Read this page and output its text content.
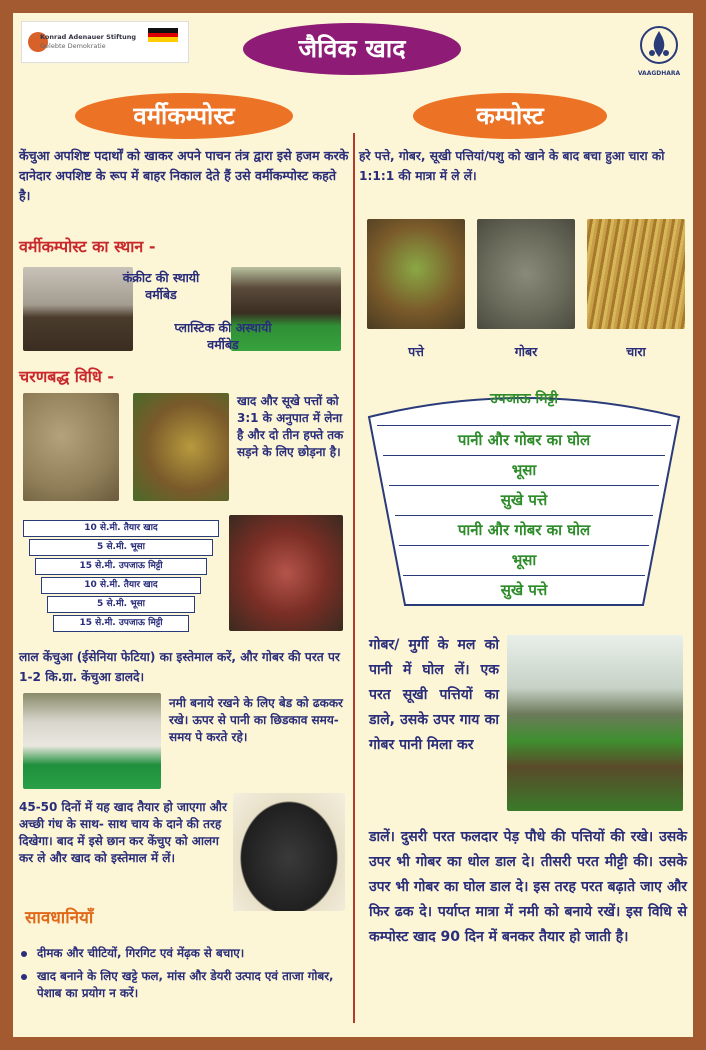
Konrad Adenauer Stiftung
Gelebte Demokratie	जैविक खाद
VAAGDHARA
वर्मीकम्पोस्ट	कम्पोस्ट
केंचुआ अपशिष्ट पदार्थों को खाकर अपने पाचन तंत्र द्वारा इसे हजम करके दानेदार अपशिष्ट के रूप में बाहर निकाल देते हैं उसे वर्मीकम्पोस्ट कहते है।
वर्मीकम्पोस्ट का स्थान -
कंक्रीट की स्थायी वर्मीबेड
प्लास्टिक की अस्थायी वर्मीबेड
चरणबद्ध विधि -
खाद और सूखे पत्तों को 3:1 के अनुपात में लेना है और दो तीन हफ्ते तक सड़ने के लिए छोड़ना है।
10 से.मी. तैयार खाद
5 से.मी. भूसा
15 से.मी. उपजाऊ मिट्टी
10 से.मी. तैयार खाद
5 से.मी. भूसा
15 से.मी. उपजाऊ मिट्टी
लाल केंचुआ (ईसेनिया फेटिया) का इस्तेमाल करें, और गोबर की परत पर 1-2 कि.ग्रा. केंचुआ डालदे।
नमी बनाये रखने के लिए बेड को ढककर रखे। ऊपर से पानी का छिडकाव समय-समय पे करते रहे।
45-50 दिनों में यह खाद तैयार हो जाएगा और अच्छी गंध के साथ- साथ चाय के दाने की तरह दिखेगा। बाद में इसे छान कर केंचुए को आलग कर ले और खाद को इस्तेमाल में लें।
सावधानियाँ
दीमक और चीटियों, गिरगिट एवं मेंढ़क से बचाए।
खाद बनाने के लिए खट्टे फल, मांस और डेयरी उत्पाद एवं ताजा गोबर, पेशाब का प्रयोग न करें।
हरे पत्ते, गोबर, सूखी पत्तियां/पशु को खाने के बाद बचा हुआ चारा को 1:1:1 की मात्रा में ले लें।
पत्ते	गोबर	चारा
उपजाऊ मिट्टी
पानी और गोबर का घोल
भूसा
सुखे पत्ते
पानी और गोबर का घोल
भूसा
सुखे पत्ते
गोबर/ मुर्गी के मल को पानी में घोल लें। एक परत सूखी पत्तियों का डाले, उसके उपर गाय का गोबर पानी मिला कर
डालें। दुसरी परत फलदार पेड़ पौधे की पत्तियों की रखे। उसके उपर भी गोबर का धोल डाल दे। तीसरी परत मीट्टी की। उसके उपर भी गोबर का घोल डाल दे। इस तरह परत बढ़ाते जाए और फिर ढक दे। पर्याप्त मात्रा में नमी को बनाये रखें। इस विधि से कम्पोस्ट खाद 90 दिन में बनकर तैयार हो जाती है।
